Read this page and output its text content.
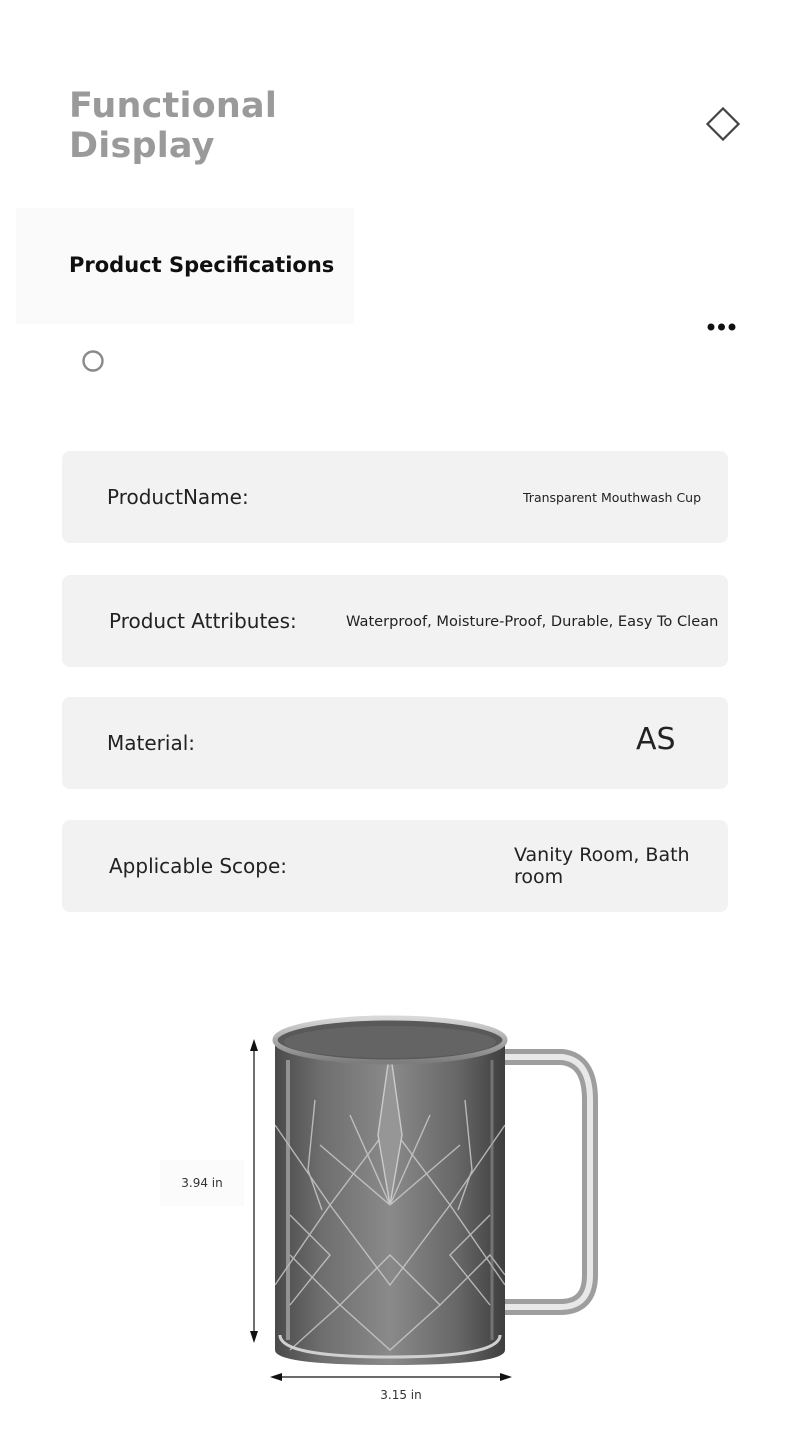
Functional
Display
Product Specifications
ProductName:	Transparent Mouthwash Cup
Product Attributes:	Waterproof, Moisture-Proof, Durable, Easy To Clean
Material:	AS
Applicable Scope:	Vanity Room, Bath room
3.94 in
3.15 in
